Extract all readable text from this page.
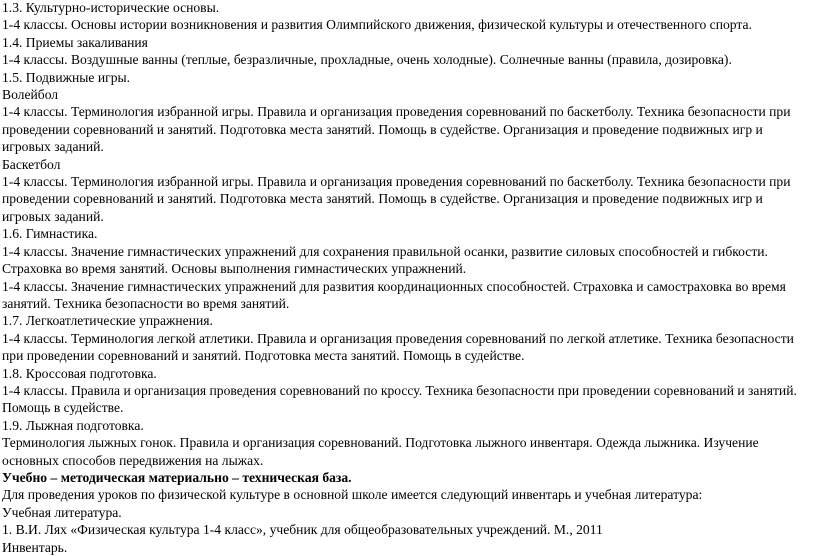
1.3. Культурно-исторические основы.
1-4 классы. Основы истории возникновения и развития Олимпийского движения, физической культуры и отечественного спорта.
1.4. Приемы закаливания
1-4 классы. Воздушные ванны (теплые, безразличные, прохладные, очень холодные). Солнечные ванны (правила, дозировка).
1.5. Подвижные игры.
Волейбол
1-4 классы. Терминология избранной игры. Правила и организация проведения соревнований по баскетболу. Техника безопасности при проведении соревнований и занятий. Подготовка места занятий. Помощь в судействе. Организация и проведение подвижных игр и игровых заданий.
Баскетбол
1-4 классы. Терминология избранной игры. Правила и организация проведения соревнований по баскетболу. Техника безопасности при проведении соревнований и занятий. Подготовка места занятий. Помощь в судействе. Организация и проведение подвижных игр и игровых заданий.
1.6. Гимнастика.
1-4 классы. Значение гимнастических упражнений для сохранения правильной осанки, развитие силовых способностей и гибкости. Страховка во время занятий. Основы выполнения гимнастических упражнений.
1-4 классы. Значение гимнастических упражнений для развития координационных способностей. Страховка и самостраховка во время занятий. Техника безопасности во время занятий.
1.7. Легкоатлетические упражнения.
1-4 классы. Терминология легкой атлетики. Правила и организация проведения соревнований по легкой атлетике. Техника безопасности при проведении соревнований и занятий. Подготовка места занятий. Помощь в судействе.
1.8. Кроссовая подготовка.
1-4 классы. Правила и организация проведения соревнований по кроссу. Техника безопасности при проведении соревнований и занятий. Помощь в судействе.
1.9. Лыжная подготовка.
Терминология лыжных гонок. Правила и организация соревнований. Подготовка лыжного инвентаря. Одежда лыжника. Изучение основных способов передвижения на лыжах.
Учебно – методическая материально – техническая база.
Для проведения уроков по физической культуре в основной школе имеется следующий инвентарь и учебная литература:
Учебная литература.
1. В.И. Лях «Физическая культура 1-4 класс», учебник для общеобразовательных учреждений. М., 2011
Инвентарь.
